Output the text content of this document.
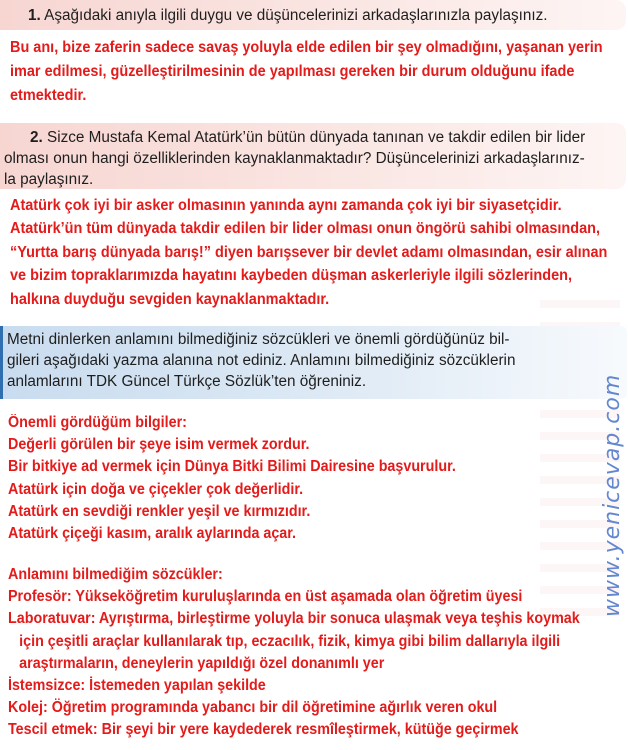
1. Aşağıdaki anıyla ilgili duygu ve düşüncelerinizi arkadaşlarınızla paylaşınız.
Bu anı, bize zaferin sadece savaş yoluyla elde edilen bir şey olmadığını, yaşanan yerin
imar edilmesi, güzelleştirilmesinin de yapılması gereken bir durum olduğunu ifade
etmektedir.
2. Sizce Mustafa Kemal Atatürk’ün bütün dünyada tanınan ve takdir edilen bir lider
olması onun hangi özelliklerinden kaynaklanmaktadır? Düşüncelerinizi arkadaşlarınız-
la paylaşınız.
Atatürk çok iyi bir asker olmasının yanında aynı zamanda çok iyi bir siyasetçidir.
Atatürk’ün tüm dünyada takdir edilen bir lider olması onun öngörü sahibi olmasından,
“Yurtta barış dünyada barış!” diyen barışsever bir devlet adamı olmasından, esir alınan
ve bizim topraklarımızda hayatını kaybeden düşman askerleriyle ilgili sözlerinden,
halkına duyduğu sevgiden kaynaklanmaktadır.
Metni dinlerken anlamını bilmediğiniz sözcükleri ve önemli gördüğünüz bil-
gileri aşağıdaki yazma alanına not ediniz. Anlamını bilmediğiniz sözcüklerin
anlamlarını TDK Güncel Türkçe Sözlük’ten öğreniniz.
Önemli gördüğüm bilgiler:
Değerli görülen bir şeye isim vermek zordur.
Bir bitkiye ad vermek için Dünya Bitki Bilimi Dairesine başvurulur.
Atatürk için doğa ve çiçekler çok değerlidir.
Atatürk en sevdiği renkler yeşil ve kırmızıdır.
Atatürk çiçeği kasım, aralık aylarında açar.
Anlamını bilmediğim sözcükler:
Profesör: Yükseköğretim kuruluşlarında en üst aşamada olan öğretim üyesi
Laboratuvar: Ayrıştırma, birleştirme yoluyla bir sonuca ulaşmak veya teşhis koymak
için çeşitli araçlar kullanılarak tıp, eczacılık, fizik, kimya gibi bilim dallarıyla ilgili
araştırmaların, deneylerin yapıldığı özel donanımlı yer
İstemsizce: İstemeden yapılan şekilde
Kolej: Öğretim programında yabancı bir dil öğretimine ağırlık veren okul
Tescil etmek: Bir şeyi bir yere kaydederek resmîleştirmek, kütüğe geçirmek
www.yenicevap.com
